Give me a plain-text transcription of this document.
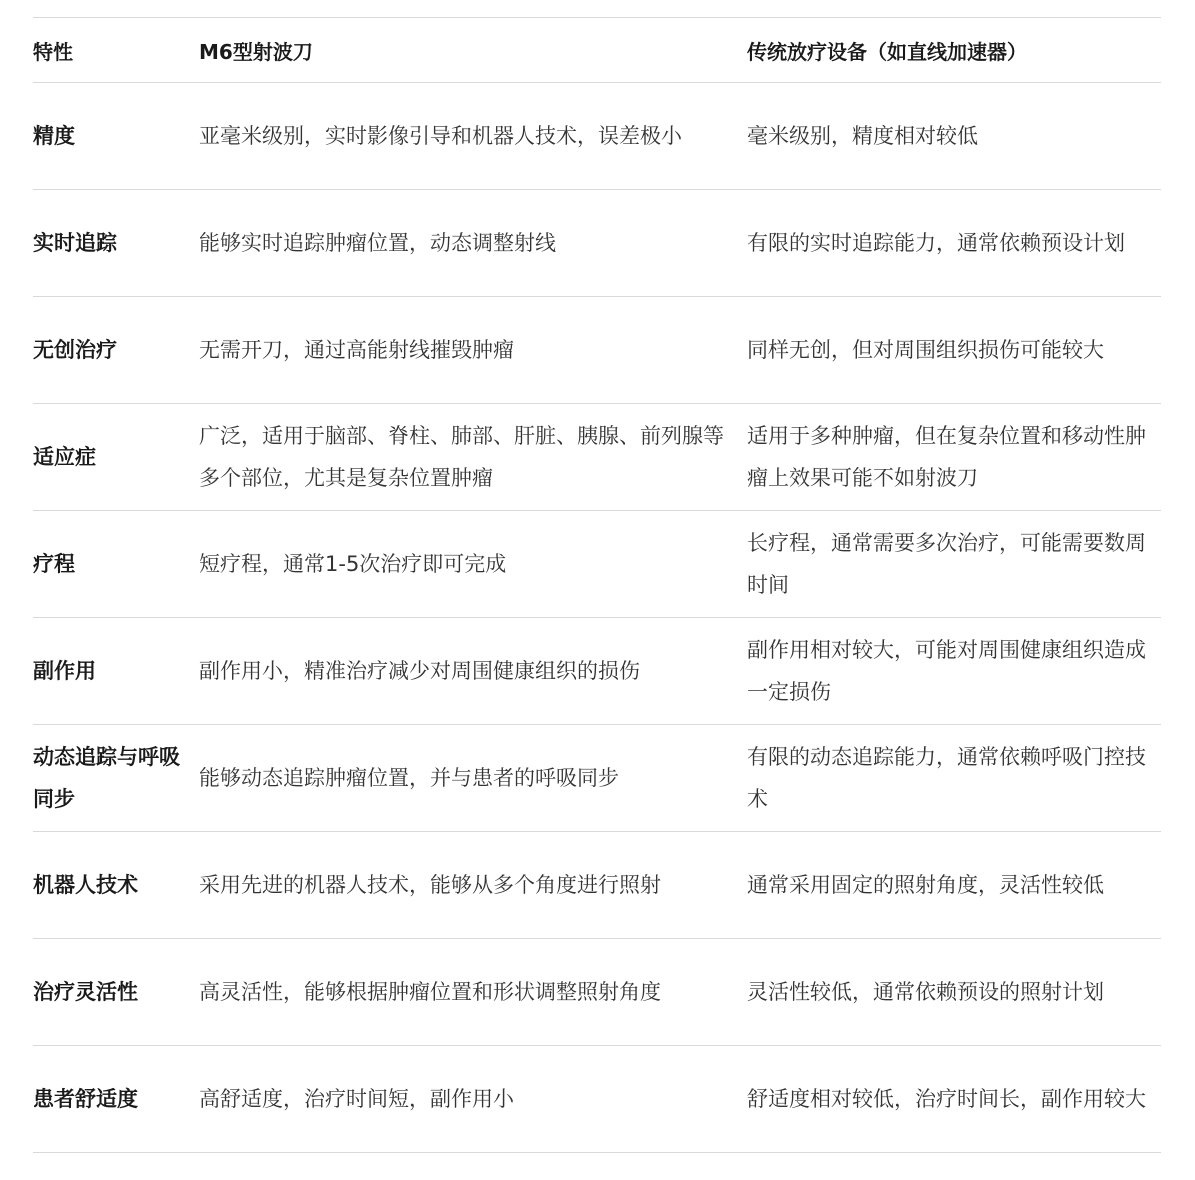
特性	M6型射波刀	传统放疗设备（如直线加速器）
精度	亚毫米级别，实时影像引导和机器人技术，误差极小	毫米级别，精度相对较低
实时追踪	能够实时追踪肿瘤位置，动态调整射线	有限的实时追踪能力，通常依赖预设计划
无创治疗	无需开刀，通过高能射线摧毁肿瘤	同样无创，但对周围组织损伤可能较大
适应症	广泛，适用于脑部、脊柱、肺部、肝脏、胰腺、前列腺等多个部位，尤其是复杂位置肿瘤	适用于多种肿瘤，但在复杂位置和移动性肿瘤上效果可能不如射波刀
疗程	短疗程，通常1-5次治疗即可完成	长疗程，通常需要多次治疗，可能需要数周时间
副作用	副作用小，精准治疗减少对周围健康组织的损伤	副作用相对较大，可能对周围健康组织造成一定损伤
动态追踪与呼吸同步	能够动态追踪肿瘤位置，并与患者的呼吸同步	有限的动态追踪能力，通常依赖呼吸门控技术
机器人技术	采用先进的机器人技术，能够从多个角度进行照射	通常采用固定的照射角度，灵活性较低
治疗灵活性	高灵活性，能够根据肿瘤位置和形状调整照射角度	灵活性较低，通常依赖预设的照射计划
患者舒适度	高舒适度，治疗时间短，副作用小	舒适度相对较低，治疗时间长，副作用较大
